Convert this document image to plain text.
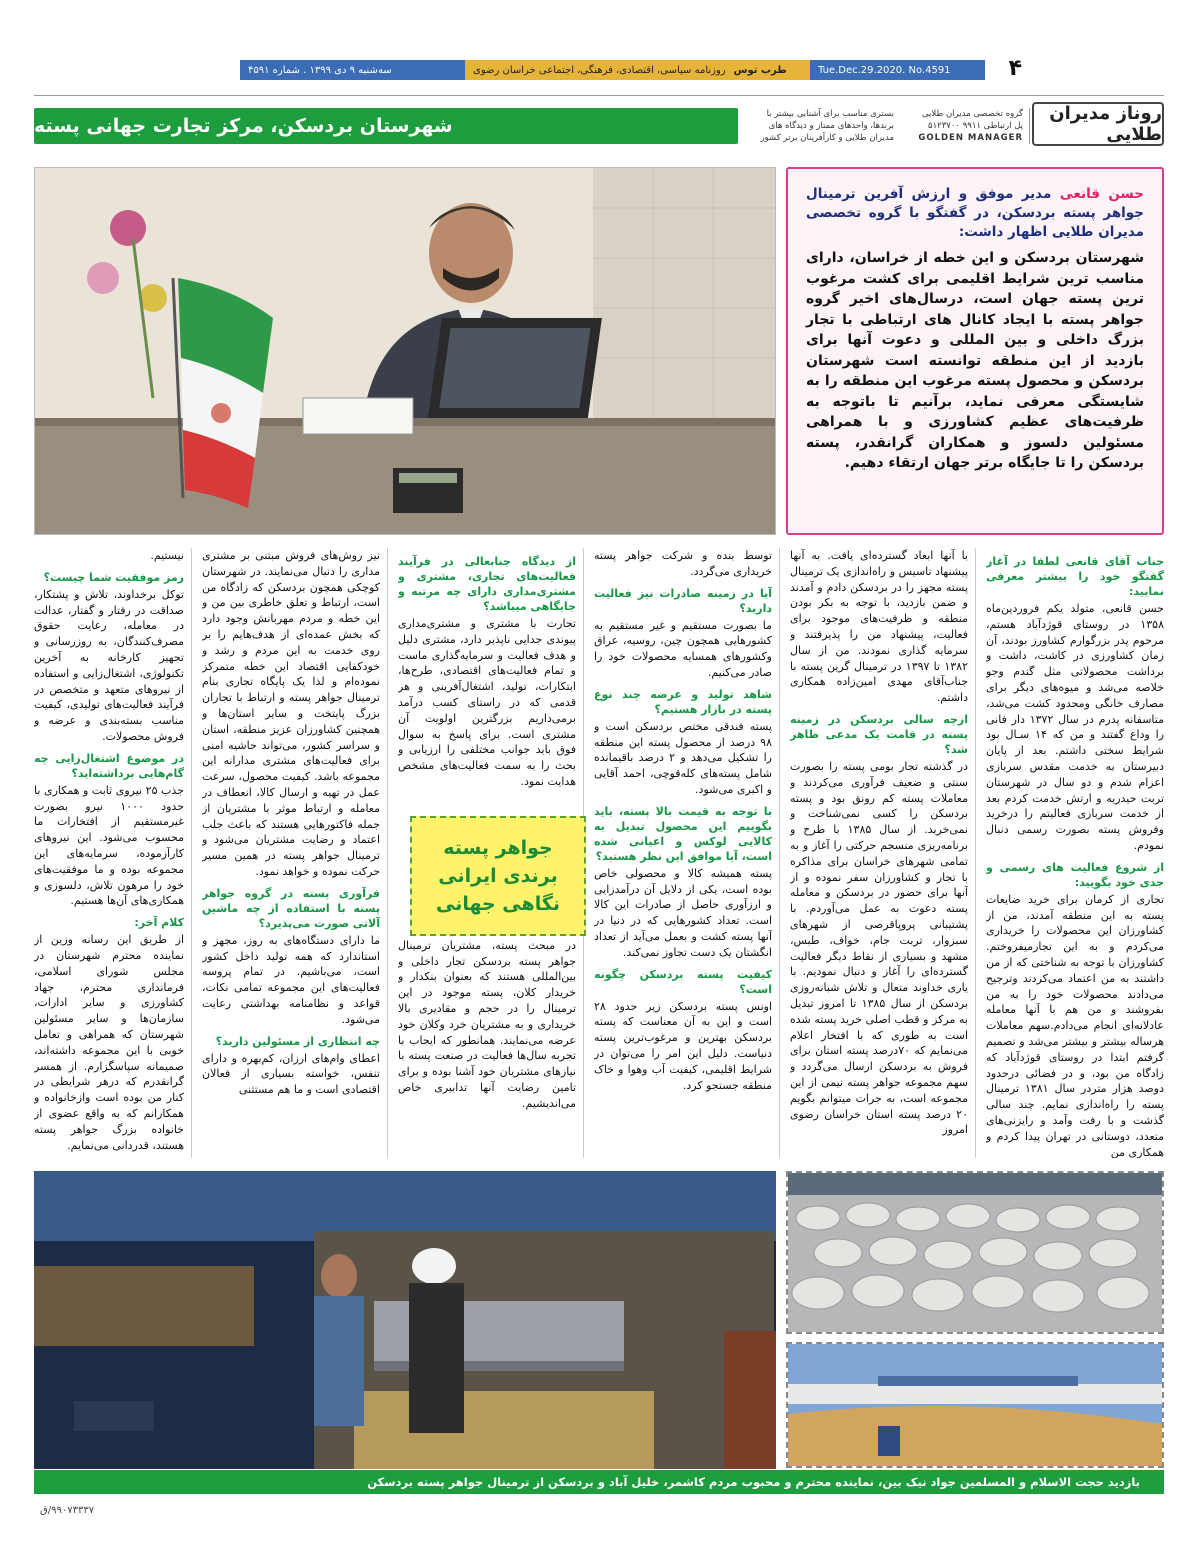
سه‌شنبه ۹ دی ۱۳۹۹ . شماره ۴۵۹۱	طرب توس
روزنامه سیاسی، اقتصادی، فرهنگی، اجتماعی خراسان رضوی	Tue.Dec.29.2020. No.4591	۴
شهرستان بردسکن، مرکز تجارت جهانی پسته
بستری مناسب برای آشنایی بیشتر با
برندها، واحدهای ممتاز و دیدگاه های
مدیران طلایی و کارآفرینان برتر کشور
گروه تخصصی مدیران طلایی
پل ارتباطی ۹۹۱۱ ۵۱۲۳۷۰۰
GOLDEN MANAGER
روناز مدیران طلایی
حسن قانعی مدیر موفق و ارزش آفرین ترمینال جواهر پسته بردسکن، در گفتگو با گروه تخصصی مدیران طلایی اظهار داشت:
شهرستان بردسکن و این خطه از خراسان، دارای مناسب ترین شرایط اقلیمی برای کشت مرغوب ترین پسته جهان است، درسال‌های اخیر گروه جواهر پسته با ایجاد کانال های ارتباطی با تجار بزرگ داخلی و بین المللی و دعوت آنها برای بازدید از این منطقه توانسته است شهرستان بردسکن و محصول پسته مرغوب این منطقه را به شایستگی معرفی نماید، برآنیم تا باتوجه به ظرفیت‌های عظیم کشاورزی و با همراهی مسئولین دلسوز و همکاران گرانقدر، پسته بردسکن را تا جایگاه برتر جهان ارتقاء دهیم.
جناب آقای قانعی لطفا در آغاز گفتگو خود را بیشتر معرفی نمایید:

حسن قانعی، متولد یکم فروردین‌ماه ۱۳۵۸ در روستای قوژدآباد هستم، مرحوم پدر بزرگوارم کشاورز بودند، آن زمان کشاورزی در کاشت، داشت و برداشت محصولاتی مثل گندم وجو خلاصه می‌شد و میوه‌های دیگر برای مصارف خانگی ومحدود کشت می‌شد، متاسفانه پدرم در سال ۱۳۷۲ دار فانی را وداع گفتند و من که ۱۴ سـال بود شرایط سختی داشتم. بعد از پایان دبیرستان به خدمت مقدس سربازی اعزام شدم و دو سال در شهرستان تربت حیدریه و ارتش خدمت کردم بعد از خدمت سربازی فعالیتم را درخرید وفروش پسته بصورت رسمی دنبال نمودم.

از شروع فعالیت های رسمی و جدی خود بگویید:

تجاری از کرمان برای خرید ضایعات پسته به این منطقه آمدند، من از کشاورزان این محصولات را خریداری می‌کردم و به این تجارمیفروختم. کشاورزان با توجه به شناختی که از من داشتند به من اعتماد می‌کردند وترجیح می‌دادند محصولات خود را به من بفروشند و من هم با آنها معامله عادلانه‌ای انجام می‌دادم.سهم معاملات هرساله بیشتر و بیشتر می‌شد و تصمیم گرفتم ابتدا در روستای قوژدآباد که زادگاه من بود، و در فضائی درحدود دوصد هزار متردر سال ۱۳۸۱ ترمینال پسته را راه‌اندازی نمایم. چند سالی گذشت و با رفت وآمد و رایزنی‌های متعدد، دوستانی در تهران پیدا کردم و همکاری من

با آنها ابعاد گسترده‌ای یافت. به آنها پیشنهاد تاسیس و راه‌اندازی یک ترمینال پسته مجهز را در بردسکن دادم و آمدند و ضمن بازدید، با توجه به بکر بودن منطقه و ظرفیت‌های موجود برای فعالیت، پیشنهاد من را پذیرفتند و سرمایه گذاری نمودند. من از سال ۱۳۸۲ تا ۱۳۹۷ در ترمینال گرین پسته با جناب‌آقای مهدی امین‌زاده همکاری داشتم.

ازچه سالی بردسکن در زمینه پسته در قامت یک مدعی ظاهر شد؟

در گذشته تجار بومی پسته را بصورت سنتی و ضعیف فرآوری می‌کردند و معاملات پسته کم رونق بود و پسته بردسکن را کسی نمی‌شناخت و نمی‌خرید. از سال ۱۳۸۵ با طرح و برنامه‌ریزی منسجم حرکتی را آغاز و به تمامی شهرهای خراسان برای مذاکره با تجار و کشاورزان سفر نموده و از آنها برای حضور در بردسکن و معامله پسته دعوت به عمل می‌آوردم. با پشتیبانی پروپاقرصی از شهرهای سبزوار، تربت جام، خواف، طبس، مشهد و بسیاری از نقاط دیگر فعالیت گسترده‌ای را آغاز و دنبال نمودیم. با یاری خداوند متعال و تلاش شبانه‌روزی بردسکن از سال ۱۳۸۵ تا امروز تبدیل به مرکز و قطب اصلی خرید پسته شده است به طوری که با افتخار اعلام می‌نمایم که ۷۰درصد پسته استان برای فروش به بردسکن ارسال می‌گردد و سهم مجموعه جواهر پسته نیمی از این مجموعه است، به جرات میتوانم بگویم ۲۰ درصد پسته استان خراسان رضوی امروز

توسط بنده و شرکت جواهر پسته خریداری می‌گردد.

آیا در زمینه صادرات نیز فعالیت دارید؟

ما بصورت مستقیم و غیر مستقیم به کشورهایی همچون چین، روسیه، عراق وکشورهای همسایه محصولات خود را صادر می‌کنیم.

شاهد تولید و عرضه چند نوع پسته در بازار هستیم؟

پسته فندقی مختص بردسکن است و ۹۸ درصد از محصول پسته این منطقه را تشکیل می‌دهد و ۲ درصد باقیمانده شامل پسته‌های کله‌قوچی، احمد آقایی و اکبری می‌شود.

با توجه به قیمت بالا پسته، باید بگوییم این محصول تبدیل به کالایی لوکس و اعیانی شده است، آیا موافق این نظر هستید؟

پسته همیشه کالا و محصولی خاص بوده است، یکی از دلایل آن درآمدزایی و ارزآوری حاصل از صادرات این کالا است. تعداد کشورهایی که در دنیا در آنها پسته کشت و بعمل می‌آید از تعداد انگشتان یک دست تجاوز نمی‌کند.

کیفیت پسته بردسکن چگونه است؟

اونس پسته بردسکن زیر حدود ۲۸ است و این به آن معناست که پسته بردسکن بهترین و مرغوب‌ترین پسته دنیاست. دلیل این امر را می‌توان در شرایط اقلیمی، کیفیت آب وهوا و خاک منطقه جستجو کرد.

از دیدگاه جنابعالی در فرآیند فعالیت‌های تجاری، مشتری و مشتری‌مداری دارای چه مرتبه و جایگاهی میباشد؟

تجارت با مشتری و مشتری‌مداری پیوندی جدایی ناپذیر دارد، مشتری دلیل و هدف فعالیت و سرمایه‌گذاری ماست و تمام فعالیت‌های اقتصادی، طرح‌ها، ابتکارات، تولید، اشتغال‌آفرینی و هر قدمی که در راستای کسب درآمد برمی‌داریم بزرگترین اولویت آن مشتری است. برای پاسخ به سوال فوق باید جوانب مختلفی را ارزیابی و بحث را به سمت فعالیت‌های مشخص هدایت نمود.

در مبحث پسته، مشتریان ترمینال جواهر پسته بردسکن تجار داخلی و بین‌المللی هستند که بعنوان بنکدار و خریدار کلان، پسته موجود در این ترمینال را در حجم و مقادیری بالا خریداری و به مشتریان خرد وکلان خود عرضه می‌نمایند. همانطور که ایجاب با تجربه سال‌ها فعالیت در صنعت پسته با نیازهای مشتریان خود آشنا بوده و برای تامین رضایت آنها تدابیری خاص می‌اندیشیم.

نیز روش‌های فروش مبتنی بر مشتری مداری را دنبال می‌نمایند. در شهرستان کوچکی همچون بردسکن که زادگاه من است، ارتباط و تعلق خاطری بین من و این خطه و مردم مهربانش وجود دارد که بخش عمده‌ای از هدف‌هایم را بر روی خدمت به این مردم و رشد و خودکفایی اقتصاد این خطه متمرکز نموده‌ام و لذا یک پایگاه تجاری بنام ترمینال جواهر پسته و ارتباط با تجاران بزرگ پایتخت و سایر استان‌ها و همچنین کشاورزان عزیز منطقه، استان و سراسر کشور، می‌تواند حاشیه امنی برای فعالیت‌های مشتری مدارانه این مجموعه باشد. کیفیت محصول، سرعت عمل در تهیه و ارسال کالا، انعطاف در معامله و ارتباط موثر با مشتریان از جمله فاکتورهایی هستند که باعث جلب اعتماد و رضایت مشتریان می‌شود و ترمینال جواهر پسته در همین مسیر حرکت نموده و خواهد نمود.

فرآوری پسته در گروه جواهر پسته با استفاده از چه ماشین آلاتی صورت می‌پذیرد؟

ما دارای دستگاه‌های به روز، مجهز و استاندارد که همه تولید داخل کشور است، می‌باشیم. در تمام پروسه فعالیت‌های این مجموعه تمامی نکات، قواعد و نظامنامه بهداشتی رعایت می‌شود.

چه انتظاری از مسئولین دارید؟

اعطای وام‌های ارزان، کم‌بهره و دارای تنفس، خواسته بسیاری از فعالان اقتصادی است و ما هم مستثنی

نیستیم.

رمز موفقیت شما چیست؟

توکل برخداوند، تلاش و پشتکار، صداقت در رفتار و گفتار، عدالت در معامله، رعایت حقوق مصرف‌کنندگان، به روزرسانی و تجهیز کارخانه به آخرین تکنولوژی، اشتغال‌زایی و استفاده از نیروهای متعهد و متخصص در فرآیند فعالیت‌های تولیدی، کیفیت مناسب بسته‌بندی و عرضه و فروش محصولات.

در موضوع اشتغال‌زایی چه گام‌هایی برداشته‌اید؟

جذب ۲۵ نیروی ثابت و همکاری با حدود ۱۰۰۰ نیرو بصورت غیرمستقیم از افتخارات ما محسوب می‌شود. این نیروهای کارآزموده، سرمایه‌های این مجموعه بوده و ما موفقیت‌های خود را مرهون تلاش، دلسوزی و همکاری‌های آن‌ها هستیم.

کلام آخر:

از طریق این رسانه وزین از نماینده محترم شهرستان در مجلس شورای اسلامی، فرمانداری محترم، جهاد کشاورزی و سایر ادارات، سازمان‌ها و سایر مسئولین شهرستان که همراهی و تعامل خوبی با این مجموعه داشته‌اند، صمیمانه سپاسگزارم. از همسر گرانقدرم که درهر شرایطی در کنار من بوده است وازخانواده و همکارانم که به واقع عضوی از خانواده بزرگ جواهر پسته هستند، قدردانی می‌نمایم.

جواهر پسته
برندی ایرانی
نگاهی جهانی
بازدید حجت الاسلام و المسلمین جواد نیک بین، نماینده محترم و محبوب مردم کاشمر، خلیل آباد و بردسکن از ترمینال جواهر پسته بردسکن
۹۹۰۷۳۳۳۷/ق
